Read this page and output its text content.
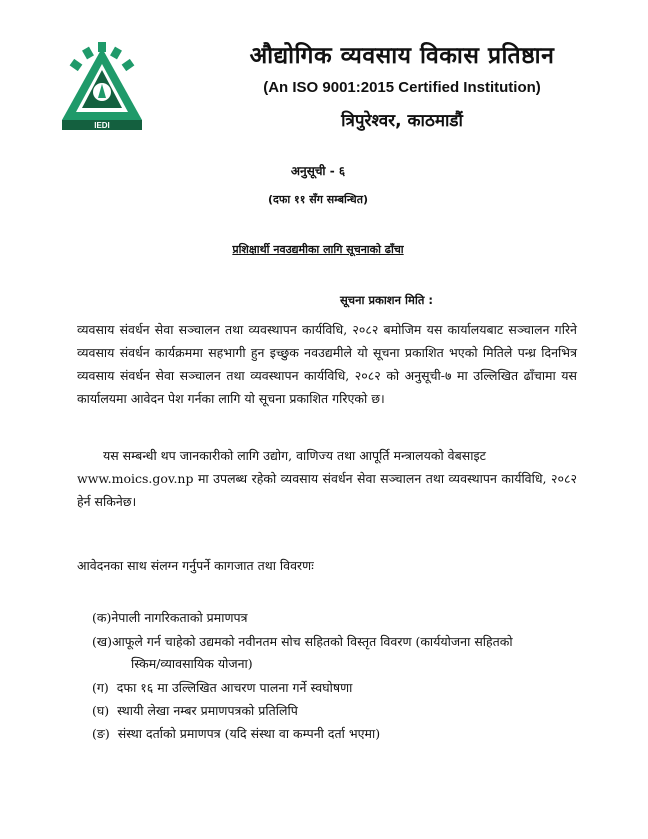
IEDI
औद्योगिक व्यवसाय विकास प्रतिष्ठान
(An ISO 9001:2015 Certified Institution)
त्रिपुरेश्वर, काठमाडौं
अनुसूची - ६
(दफा ११ सँग सम्बन्धित)
प्रशिक्षार्थी नवउद्यमीका लागि सूचनाको ढाँचा
सूचना प्रकाशन मिति :
व्यवसाय संवर्धन सेवा सञ्चालन तथा व्यवस्थापन कार्यविधि, २०८२ बमोजिम यस कार्यालयबाट सञ्चालन गरिने व्यवसाय संवर्धन कार्यक्रममा सहभागी हुन इच्छुक नवउद्यमीले यो सूचना प्रकाशित भएको मितिले पन्ध्र दिनभित्र व्यवसाय संवर्धन सेवा सञ्चालन तथा व्यवस्थापन कार्यविधि, २०८२ को अनुसूची-७ मा उल्लिखित ढाँचामा यस कार्यालयमा आवेदन पेश गर्नका लागि यो सूचना प्रकाशित गरिएको छ।
यस सम्बन्धी थप जानकारीको लागि उद्योग, वाणिज्य तथा आपूर्ति मन्त्रालयको वेबसाइट
www.moics.gov.np मा उपलब्ध रहेको व्यवसाय संवर्धन सेवा सञ्चालन तथा व्यवस्थापन कार्यविधि, २०८२ हेर्न सकिनेछ।
आवेदनका साथ संलग्न गर्नुपर्ने कागजात तथा विवरणः
(क)नेपाली नागरिकताको प्रमाणपत्र
(ख)आफूले गर्न चाहेको उद्यमको नवीनतम सोच सहितको विस्तृत विवरण (कार्ययोजना सहितको
स्किम/व्यावसायिक योजना)
(ग) दफा १६ मा उल्लिखित आचरण पालना गर्ने स्वघोषणा
(घ) स्थायी लेखा नम्बर प्रमाणपत्रको प्रतिलिपि
(ङ) संस्था दर्ताको प्रमाणपत्र (यदि संस्था वा कम्पनी दर्ता भएमा)
